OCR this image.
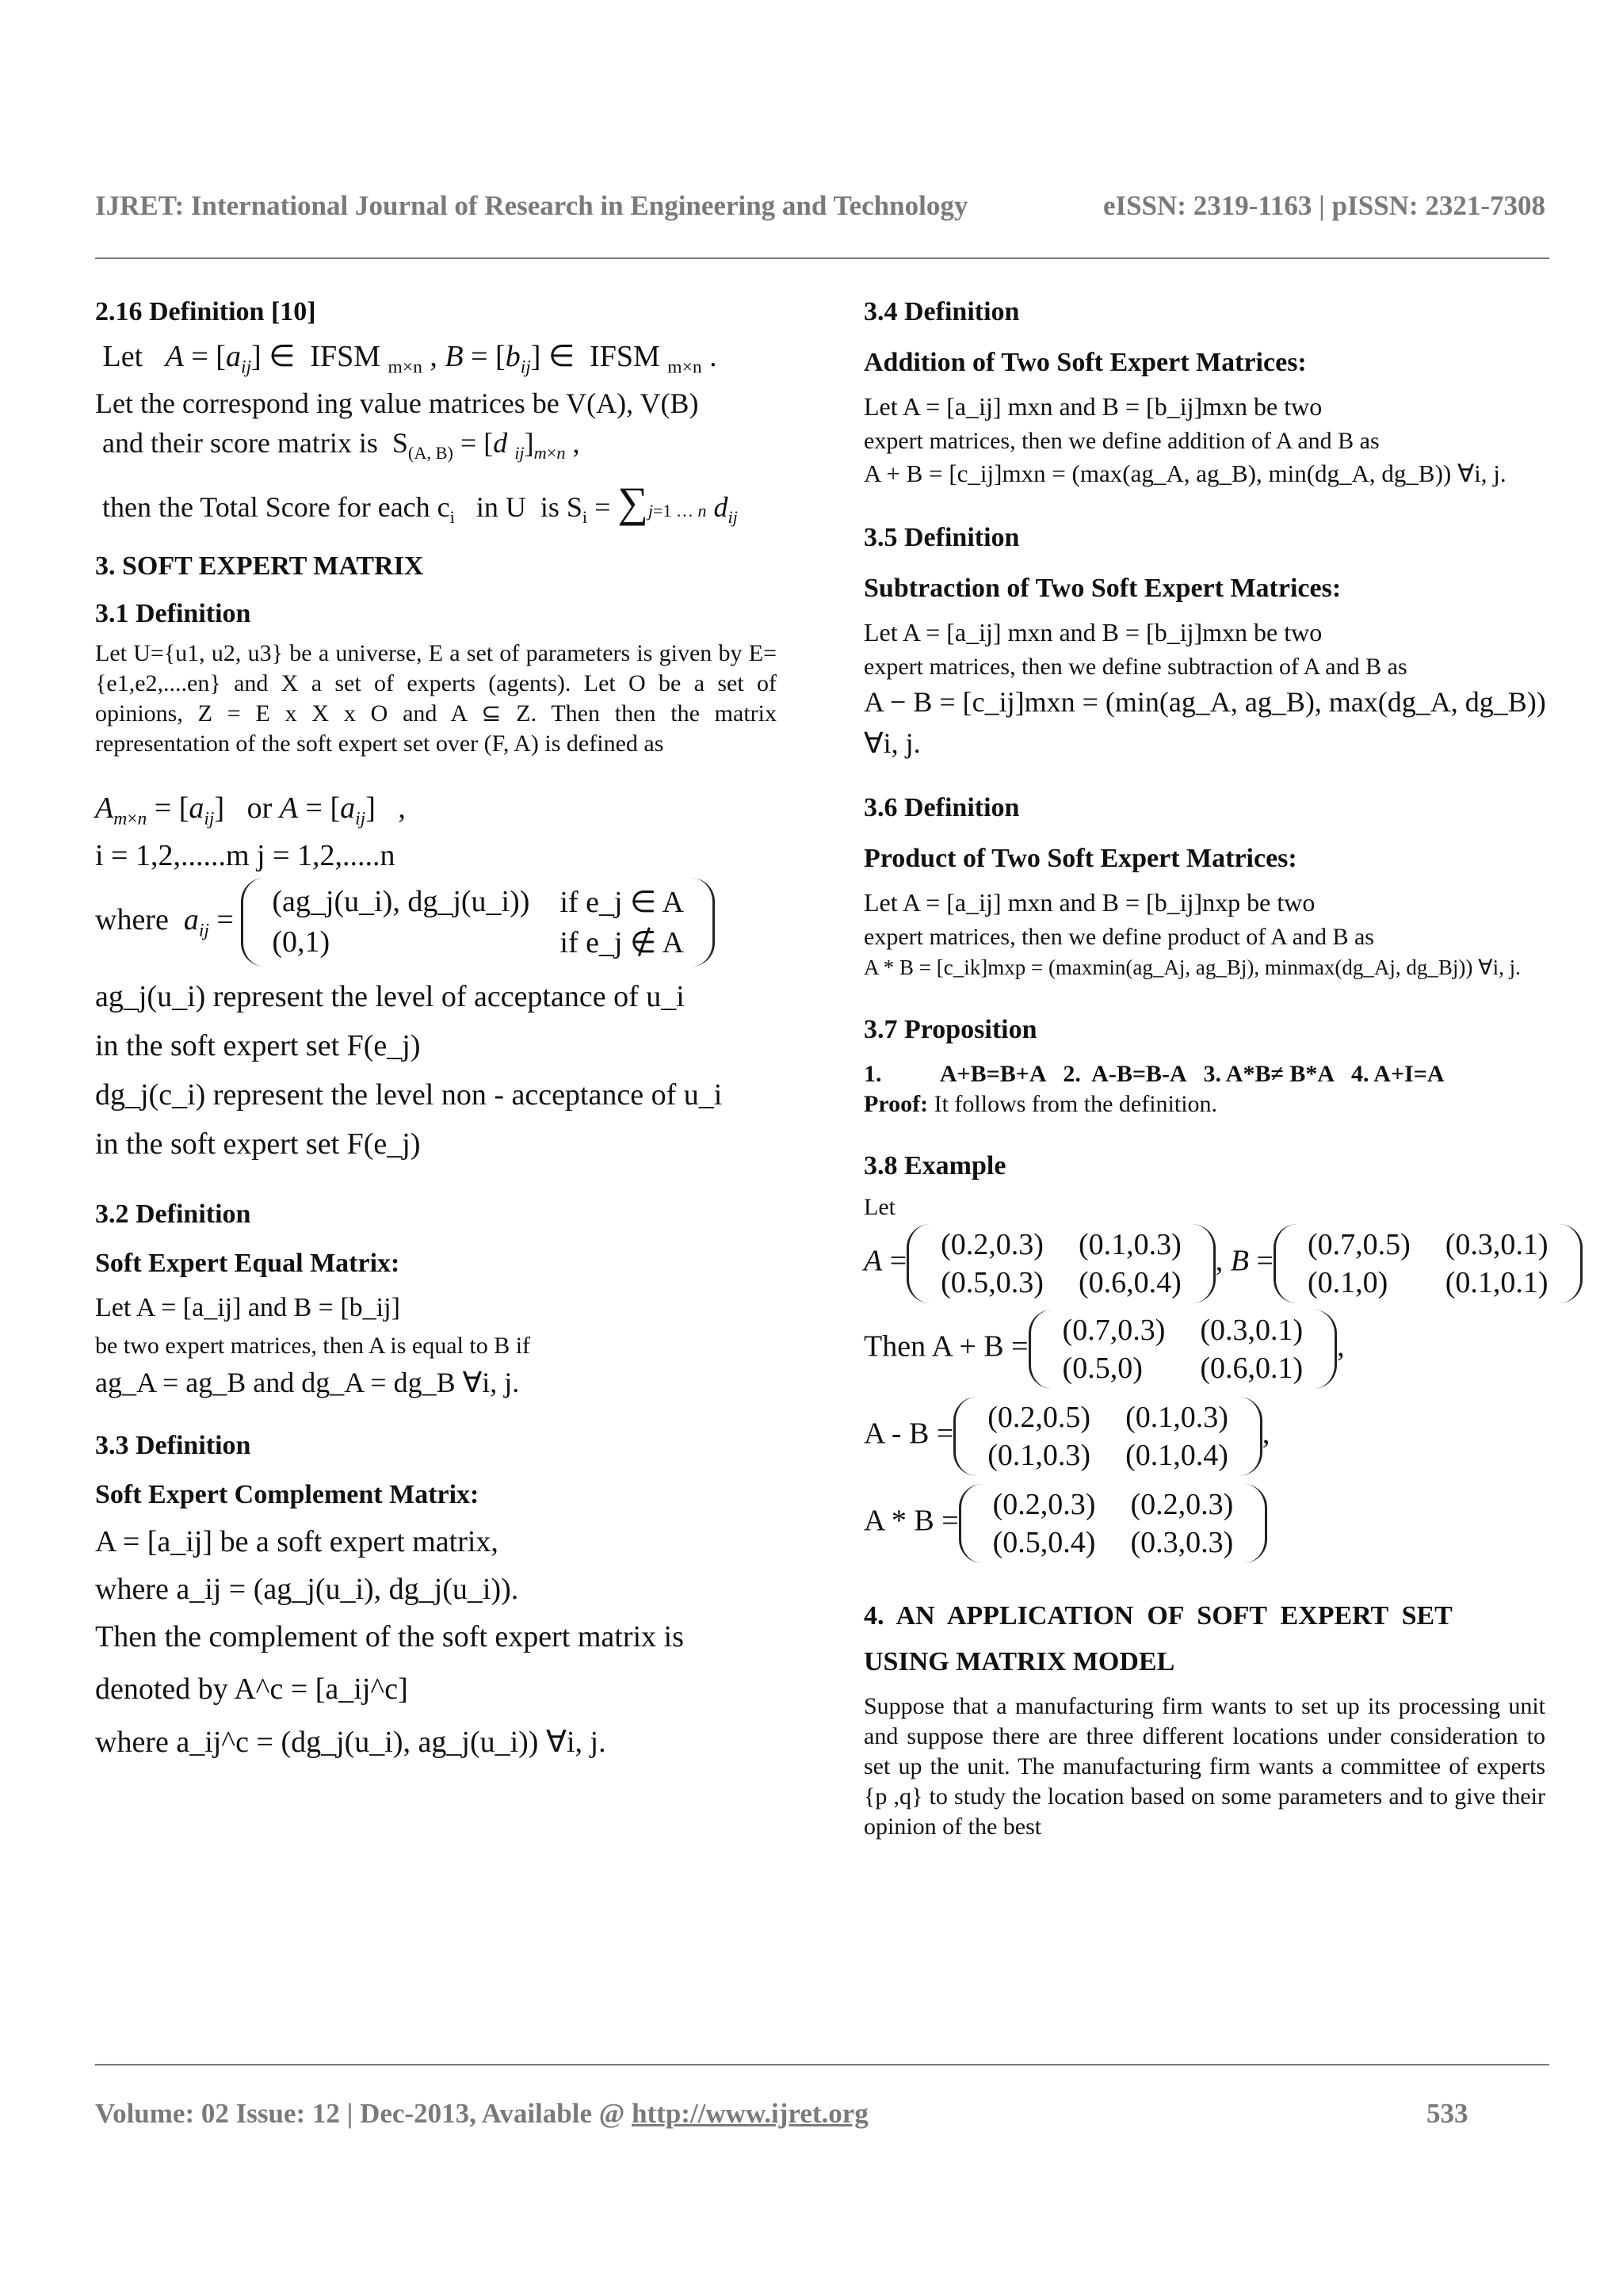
IJRET: International Journal of Research in Engineering and Technology	eISSN: 2319-1163 | pISSN: 2321-7308
2.16 Definition [10]
Let   $A = [a_{ij}]$ ∈  IFSM $_{m\times n}$ , $B = [b_{ij}]$ ∈  IFSM $_{m\times n}$ .
Let the correspond ing value matrices be V(A), V(B)
and their score matrix is  $S_{(A, B)} = [d$ $_{ij}]_{m\times n}$ ,
then the Total Score for each $c_i$   in U  is $S_i = \sum j=1$ … n $d_{ij}$
3. SOFT EXPERT MATRIX
3.1 Definition
Let U={u1, u2, u3} be a universe, E a set of parameters is given by E={e1,e2,....en} and X a set of experts (agents). Let O be a set of opinions, Z = E x X x O and A ⊆ Z. Then then the matrix representation of the soft expert set over (F, A) is defined as
$A_{m\times n} = [a_{ij}]$   or $A = [a_{ij}]$   ,
i = 1,2,......m j = 1,2,.....n
where  $a_{ij}$ =
(ag_j(u_i), dg_j(u_i))	if e_j ∈ A
(0,1)	if e_j ∉ A
ag_j(u_i) represent the level of acceptance of u_i
in the soft expert set F(e_j)
dg_j(c_i) represent the level non - acceptance of u_i
in the soft expert set F(e_j)
3.2 Definition
Soft Expert Equal Matrix:
Let A = [a_ij] and B = [b_ij]
be two expert matrices, then A is equal to B if
ag_A = ag_B and dg_A = dg_B ∀i, j.
3.3 Definition
Soft Expert Complement Matrix:
A = [a_ij] be a soft expert matrix,
where a_ij = (ag_j(u_i), dg_j(u_i)).
Then the complement of the soft expert matrix is
denoted by A^c = [a_ij^c]
where a_ij^c = (dg_j(u_i), ag_j(u_i)) ∀i, j.
3.4 Definition
Addition of Two Soft Expert Matrices:
Let A = [a_ij] mxn and B = [b_ij]mxn be two
expert matrices, then we define addition of A and B as
A + B = [c_ij]mxn = (max(ag_A, ag_B), min(dg_A, dg_B)) ∀i, j.
3.5 Definition
Subtraction of Two Soft Expert Matrices:
Let A = [a_ij] mxn and B = [b_ij]mxn be two
expert matrices, then we define subtraction of A and B as
A − B = [c_ij]mxn = (min(ag_A, ag_B), max(dg_A, dg_B))
∀i, j.
3.6 Definition
Product of Two Soft Expert Matrices:
Let A = [a_ij] mxn and B = [b_ij]nxp be two
expert matrices, then we define product of A and B as
A * B = [c_ik]mxp = (maxmin(ag_Aj, ag_Bj), minmax(dg_Aj, dg_Bj)) ∀i, j.
3.7 Proposition
1.          A+B=B+A   2.  A-B=B-A   3. A*B≠ B*A   4. A+I=A
Proof: It follows from the definition.
3.8 Example
Let
A = (0.2,0.3)	(0.1,0.3)
(0.5,0.3)	(0.6,0.4)
, B = (0.7,0.5)	(0.3,0.1)
(0.1,0)	(0.1,0.1)
Then A + B = (0.7,0.3)	(0.3,0.1)
(0.5,0)	(0.6,0.1)
,
A - B = (0.2,0.5)	(0.1,0.3)
(0.1,0.3)	(0.1,0.4)
,
A * B = (0.2,0.3)	(0.2,0.3)
(0.5,0.4)	(0.3,0.3)
4.  AN  APPLICATION  OF  SOFT  EXPERT  SET
USING MATRIX MODEL
Suppose that a manufacturing firm wants to set up its processing unit and suppose there are three different locations under consideration to set up the unit. The manufacturing firm wants a committee of experts {p ,q} to study the location based on some parameters and to give their opinion of the best
Volume: 02 Issue: 12 | Dec-2013, Available @ http://www.ijret.org	533
